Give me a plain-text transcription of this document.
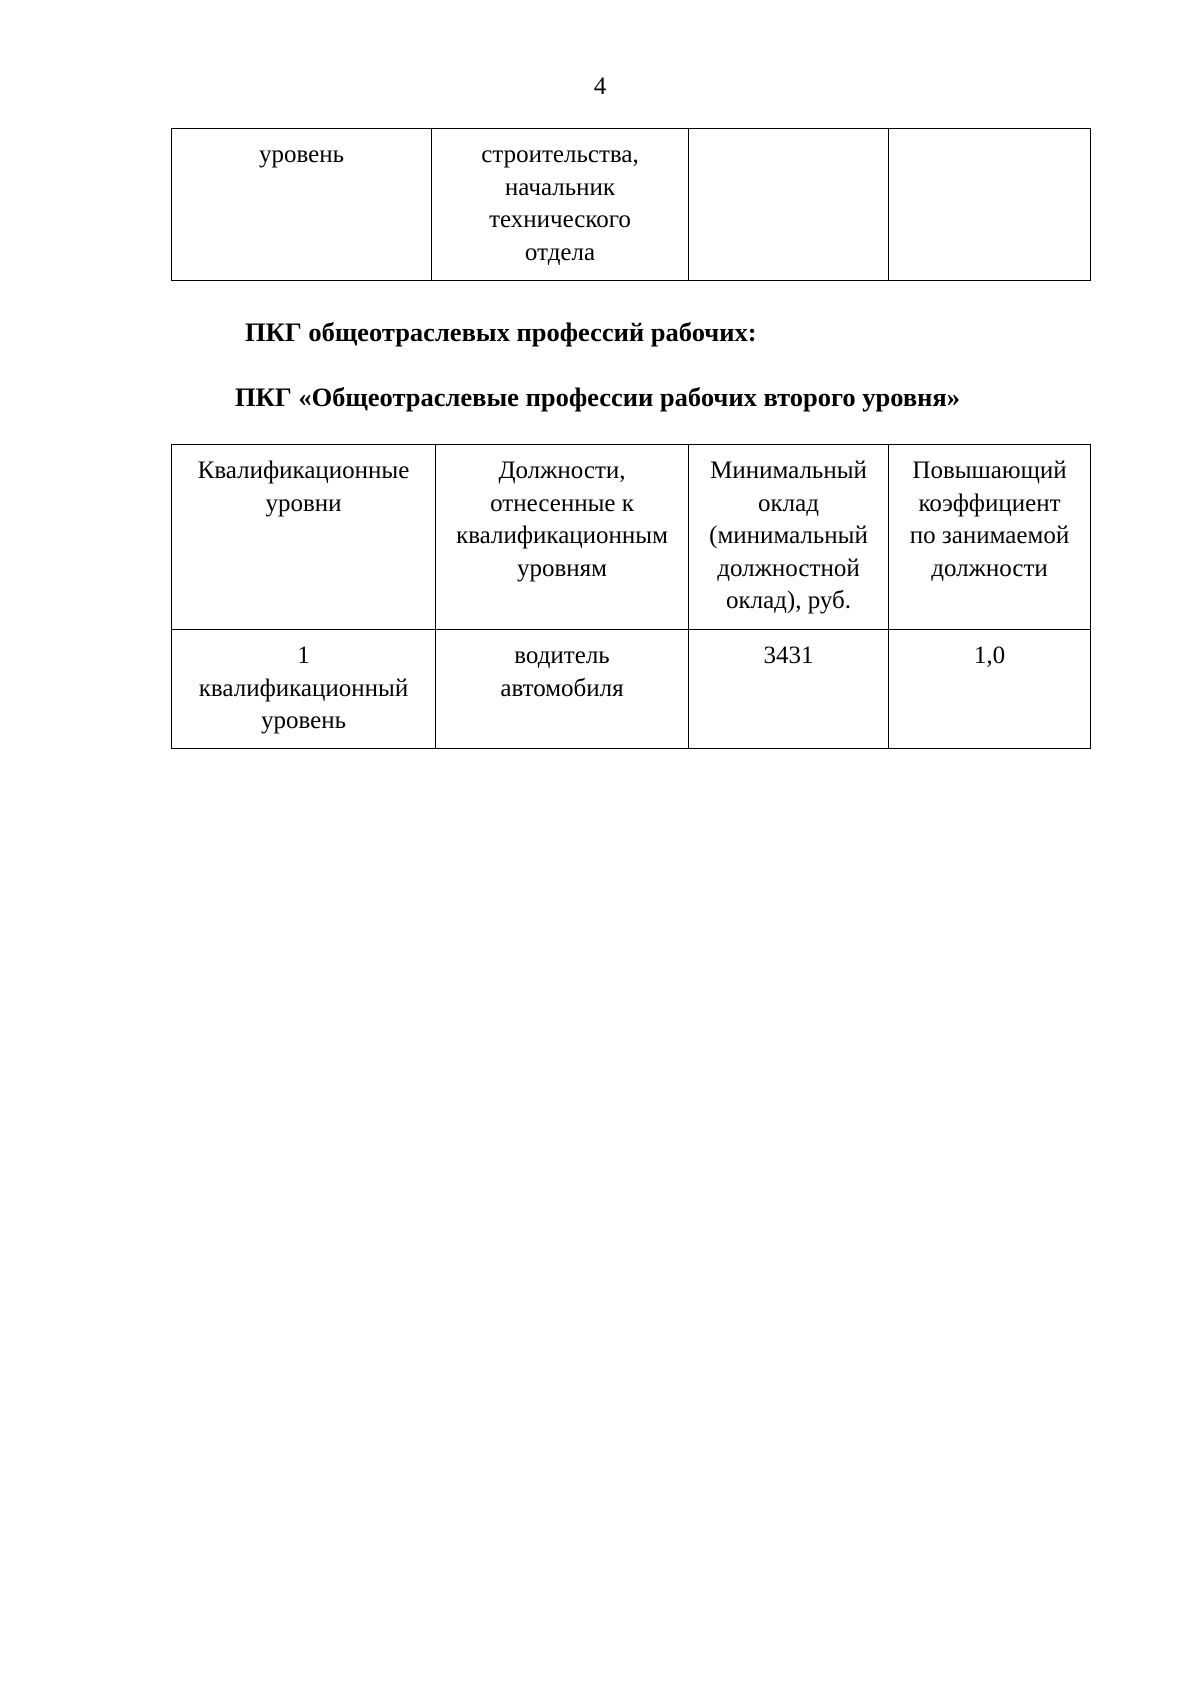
4
уровень	строительства,
начальник
технического
отдела

ПКГ общеотраслевых профессий рабочих:
ПКГ «Общеотраслевые профессии рабочих второго уровня»
Квалификационные
уровни	Должности,
отнесенные к
квалификационным
уровням	Минимальный
оклад
(минимальный
должностной
оклад), руб.	Повышающий
коэффициент
по занимаемой
должности

1
квалификационный
уровень	водитель
автомобиля	3431	1,0
